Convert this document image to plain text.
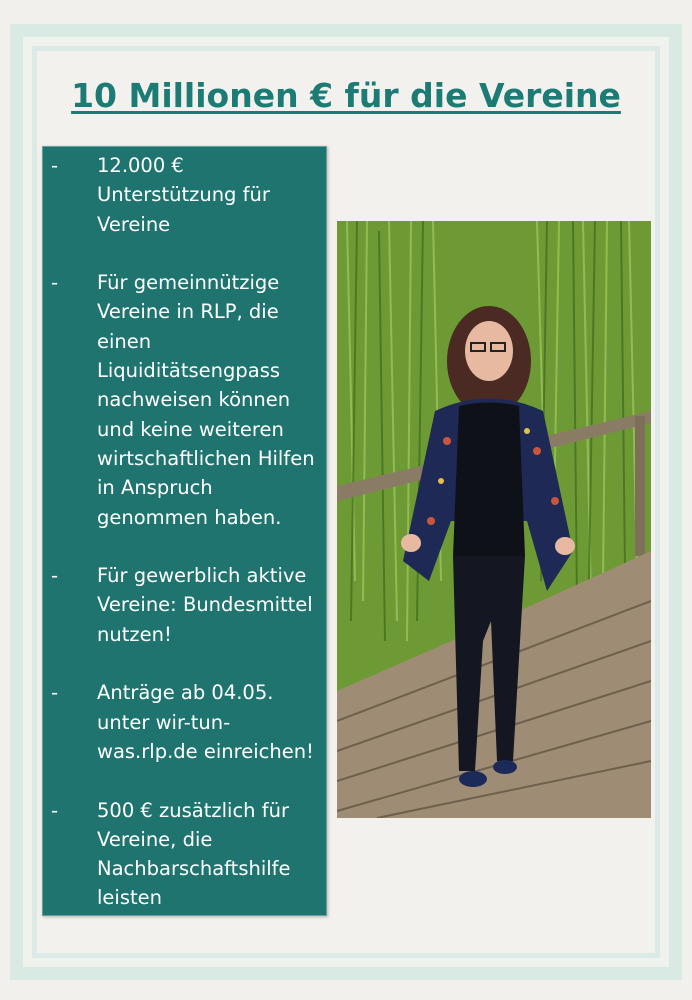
10 Millionen € für die Vereine
-	12.000 €
Unterstützung für
Vereine
-	Für gemeinnützige
Vereine in RLP, die
einen
Liquiditätsengpass
nachweisen können
und keine weiteren
wirtschaftlichen Hilfen
in Anspruch
genommen haben.
-	Für gewerblich aktive
Vereine: Bundesmittel
nutzen!
-	Anträge ab 04.05.
unter wir-tun-
was.rlp.de einreichen!
-	500 € zusätzlich für
Vereine, die
Nachbarschaftshilfe
leisten
